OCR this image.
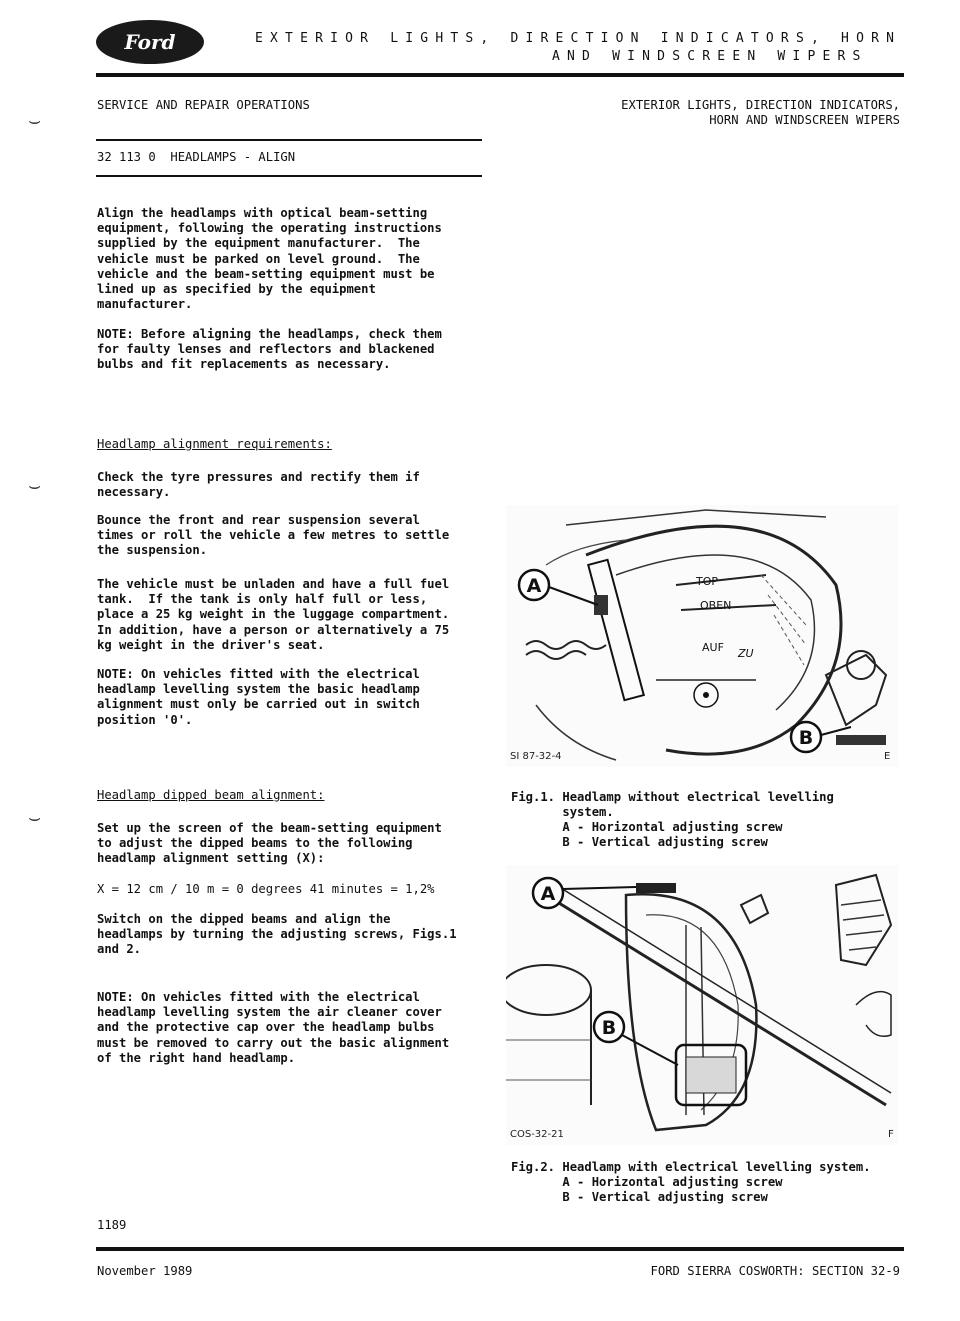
Ford	EXTERIOR LIGHTS, DIRECTION INDICATORS, HORN
AND WINDSCREEN WIPERS
SERVICE AND REPAIR OPERATIONS	EXTERIOR LIGHTS, DIRECTION INDICATORS,
HORN AND WINDSCREEN WIPERS
32 113 0  HEADLAMPS - ALIGN
⌣
⌣
⌣
Align the headlamps with optical beam-setting
equipment, following the operating instructions
supplied by the equipment manufacturer.  The
vehicle must be parked on level ground.  The
vehicle and the beam-setting equipment must be
lined up as specified by the equipment
manufacturer.
NOTE: Before aligning the headlamps, check them
for faulty lenses and reflectors and blackened
bulbs and fit replacements as necessary.
Headlamp alignment requirements:
Check the tyre pressures and rectify them if
necessary.
Bounce the front and rear suspension several
times or roll the vehicle a few metres to settle
the suspension.
The vehicle must be unladen and have a full fuel
tank.  If the tank is only half full or less,
place a 25 kg weight in the luggage compartment.
In addition, have a person or alternatively a 75
kg weight in the driver's seat.
NOTE: On vehicles fitted with the electrical
headlamp levelling system the basic headlamp
alignment must only be carried out in switch
position '0'.
Headlamp dipped beam alignment:
Set up the screen of the beam-setting equipment
to adjust the dipped beams to the following
headlamp alignment setting (X):
X = 12 cm / 10 m = 0 degrees 41 minutes = 1,2%
Switch on the dipped beams and align the
headlamps by turning the adjusting screws, Figs.1
and 2.
NOTE: On vehicles fitted with the electrical
headlamp levelling system the air cleaner cover
and the protective cap over the headlamp bulbs
must be removed to carry out the basic alignment
of the right hand headlamp.
A
B
TOP
OBEN
AUF ZU
SI 87-32-4	E
Fig.1. Headlamp without electrical levelling
system.
A - Horizontal adjusting screw
B - Vertical adjusting screw
A
B
COS-32-21	F
Fig.2. Headlamp with electrical levelling system.
A - Horizontal adjusting screw
B - Vertical adjusting screw
1189
November 1989	FORD SIERRA COSWORTH: SECTION 32-9
